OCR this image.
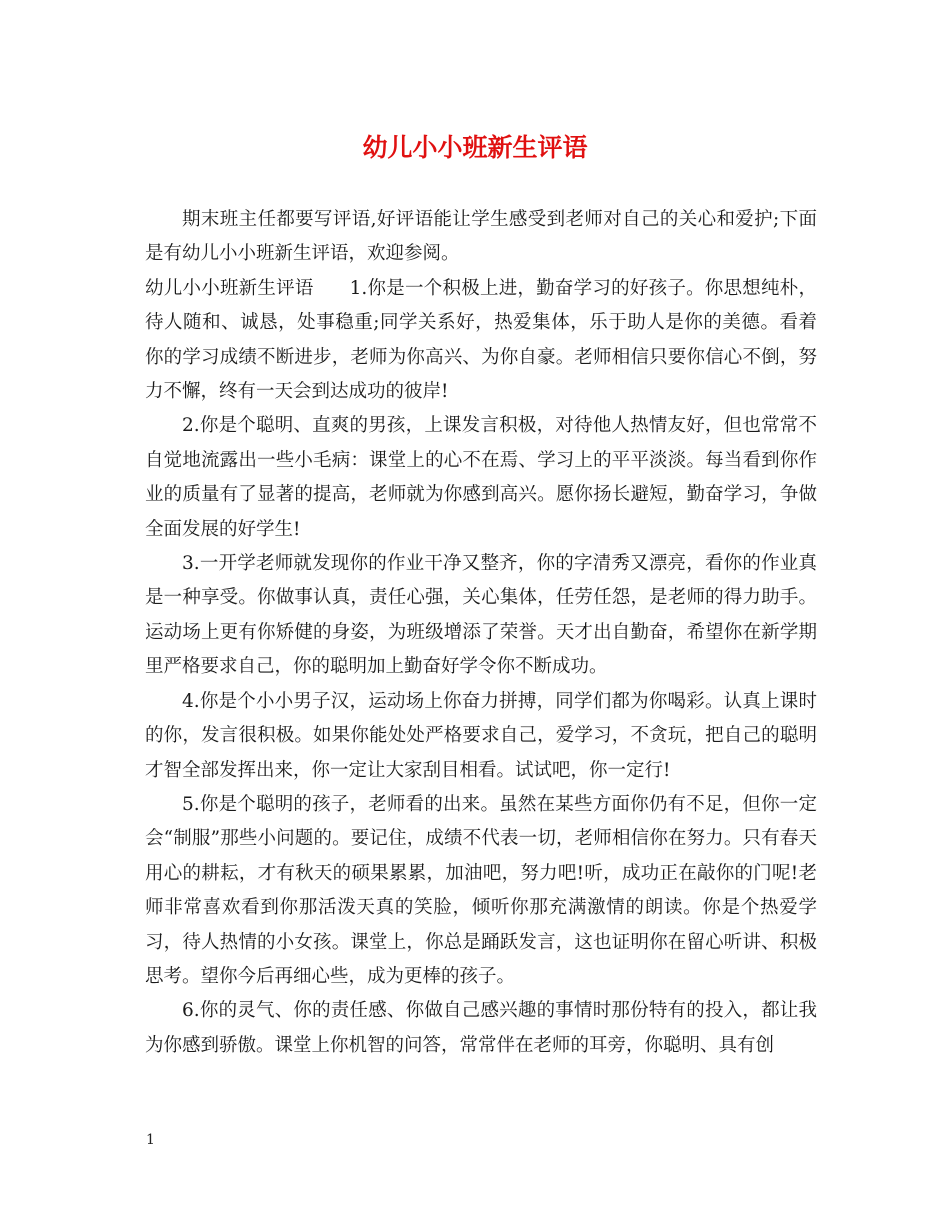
幼儿小小班新生评语

期末班主任都要写评语,好评语能让学生感受到老师对自己的关心和爱护;下面是有幼儿小小班新生评语，欢迎参阅。

幼儿小小班新生评语 1.你是一个积极上进，勤奋学习的好孩子。你思想纯朴，待人随和、诚恳，处事稳重;同学关系好，热爱集体，乐于助人是你的美德。看着你的学习成绩不断进步，老师为你高兴、为你自豪。老师相信只要你信心不倒，努力不懈，终有一天会到达成功的彼岸!

2.你是个聪明、直爽的男孩，上课发言积极，对待他人热情友好，但也常常不自觉地流露出一些小毛病：课堂上的心不在焉、学习上的平平淡淡。每当看到你作业的质量有了显著的提高，老师就为你感到高兴。愿你扬长避短，勤奋学习，争做全面发展的好学生!

3.一开学老师就发现你的作业干净又整齐，你的字清秀又漂亮，看你的作业真是一种享受。你做事认真，责任心强，关心集体，任劳任怨，是老师的得力助手。运动场上更有你矫健的身姿，为班级增添了荣誉。天才出自勤奋，希望你在新学期里严格要求自己，你的聪明加上勤奋好学令你不断成功。

4.你是个小小男子汉，运动场上你奋力拼搏，同学们都为你喝彩。认真上课时的你，发言很积极。如果你能处处严格要求自己，爱学习，不贪玩，把自己的聪明才智全部发挥出来，你一定让大家刮目相看。试试吧，你一定行!

5.你是个聪明的孩子，老师看的出来。虽然在某些方面你仍有不足，但你一定会“制服”那些小问题的。要记住，成绩不代表一切，老师相信你在努力。只有春天用心的耕耘，才有秋天的硕果累累，加油吧，努力吧!听，成功正在敲你的门呢!老师非常喜欢看到你那活泼天真的笑脸，倾听你那充满激情的朗读。你是个热爱学习，待人热情的小女孩。课堂上，你总是踊跃发言，这也证明你在留心听讲、积极思考。望你今后再细心些，成为更棒的孩子。

6.你的灵气、你的责任感、你做自己感兴趣的事情时那份特有的投入，都让我为你感到骄傲。课堂上你机智的问答，常常伴在老师的耳旁，你聪明、具有创

1
